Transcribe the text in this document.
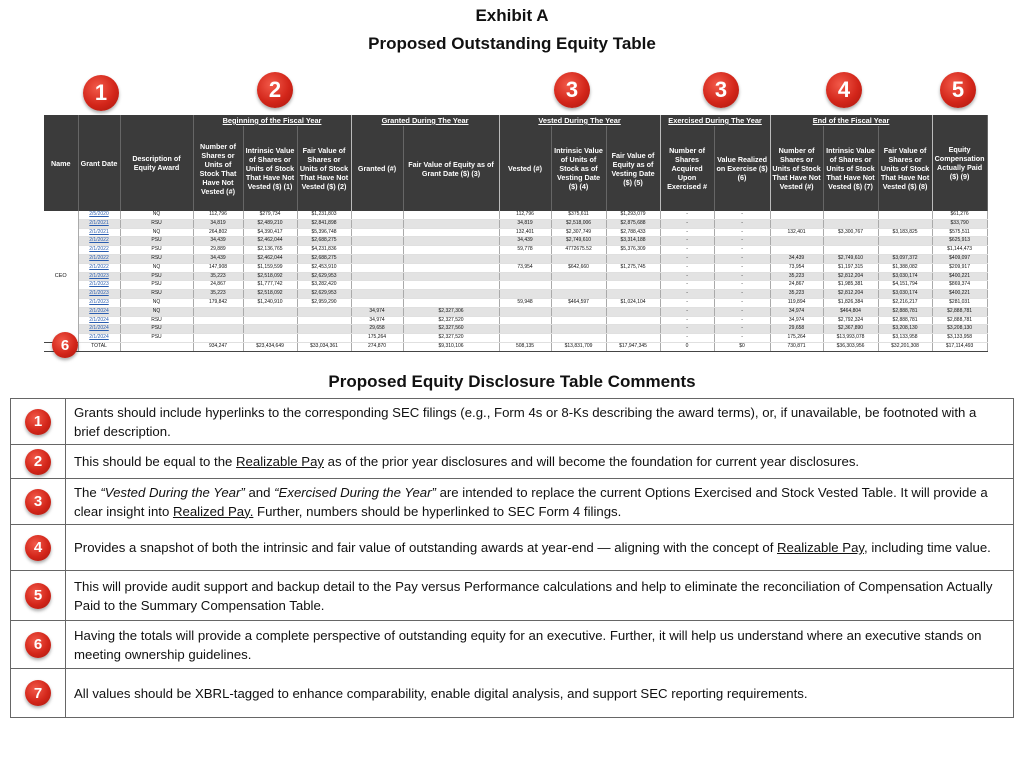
Exhibit A
Proposed Outstanding Equity Table
1	2	3	3	4	5
Name	Grant Date	Description of Equity Award	Beginning of the Fiscal Year			Granted During The Year		Vested During The Year			Exercised During The Year		End of the Fiscal Year			Equity Compensation Actually Paid ($) (9)
			Number of Shares or Units of Stock That Have Not Vested (#)	Intrinsic Value of Shares or Units of Stock That Have Not Vested ($) (1)	Fair Value of Shares or Units of Stock That Have Not Vested ($) (2)	Granted (#)	Fair Value of Equity as of Grant Date ($) (3)	Vested (#)	Intrinsic Value of Units of Stock as of Vesting Date ($) (4)	Fair Value of Equity as of Vesting Date ($) (5)	Number of Shares Acquired Upon Exercised #	Value Realized on Exercise ($) (6)	Number of Shares or Units of Stock That Have Not Vested (#)	Intrinsic Value of Shares or Units of Stock That Have Not Vested ($) (7)	Fair Value of Shares or Units of Stock That Have Not Vested ($) (8)	
CEO	2/5/2020	NQ	112,796	$279,734	$1,231,803			112,796	$375,611	$1,293,079	-	-				$61,276
	2/1/2021	RSU	34,819	$2,489,210	$2,841,898			34,819	$2,518,006	$2,875,688	-	-				$33,790
	2/1/2021	NQ	264,802	$4,390,417	$5,396,748			132,401	$2,307,749	$2,788,433	-	-	132,401	$3,300,767	$3,183,825	$575,511
	2/1/2022	PSU	34,439	$2,462,044	$2,688,275			34,439	$2,749,610	$3,314,188	-	-				$625,913
	2/1/2022	PSU	29,889	$2,136,765	$4,231,836			59,778	4772675.52	$5,376,309	-	-				$1,144,473
	2/1/2022	RSU	34,439	$2,462,044	$2,688,275						-	-	34,439	$2,749,610	$3,097,372	$409,097
	2/1/2022	NQ	147,908	$1,159,599	$2,453,910			73,954	$642,660	$1,275,745	-	-	73,954	$1,197,315	$1,388,082	$209,917
	2/1/2023	PSU	35,223	$2,518,092	$2,629,953						-	-	35,223	$2,812,204	$3,030,174	$400,221
	2/1/2023	PSU	24,867	$1,777,742	$3,282,420						-	-	24,867	$1,985,381	$4,151,794	$869,374
	2/1/2023	RSU	35,223	$2,518,092	$2,629,953						-	-	35,223	$2,812,204	$3,030,174	$400,221
	2/1/2023	NQ	179,842	$1,240,910	$2,959,290			59,948	$464,597	$1,024,104	-	-	119,894	$1,826,384	$2,216,217	$281,031
	2/1/2024	NQ				34,974	$2,327,306				-	-	34,974	$464,804	$2,888,781	$2,888,781
	2/1/2024	RSU				34,974	$2,327,520				-	-	34,974	$2,792,324	$2,888,781	$2,888,781
	2/1/2024	PSU				29,658	$2,327,560				-	-	29,658	$2,367,890	$3,208,130	$3,208,130
	2/1/2024	PSU				175,264	$2,327,520				-	-	175,264	$13,993,078	$3,133,958	$3,133,958
	TOTAL		934,247	$23,434,649	$33,034,361	274,870	$9,310,106	508,135	$13,831,709	$17,947,345	0	$0	730,871	$36,303,956	$32,201,308	$17,114,493
6
Proposed Equity Disclosure Table Comments
1
Grants should include hyperlinks to the corresponding SEC filings (e.g., Form 4s or 8-Ks describing the award terms), or, if unavailable, be footnoted with a brief description.
2	This should be equal to the Realizable Pay as of the prior year disclosures and will become the foundation for current year disclosures.
3
The “Vested During the Year” and “Exercised During the Year” are intended to replace the current Options Exercised and Stock Vested Table. It will provide a clear insight into Realized Pay. Further, numbers should be hyperlinked to SEC Form 4 filings.
4	Provides a snapshot of both the intrinsic and fair value of outstanding awards at year-end — aligning with the concept of Realizable Pay, including time value.
5
This will provide audit support and backup detail to the Pay versus Performance calculations and help to eliminate the reconciliation of Compensation Actually Paid to the Summary Compensation Table.
6
Having the totals will provide a complete perspective of outstanding equity for an executive. Further, it will help us understand where an executive stands on meeting ownership guidelines.
7	All values should be XBRL-tagged to enhance comparability, enable digital analysis, and support SEC reporting requirements.
